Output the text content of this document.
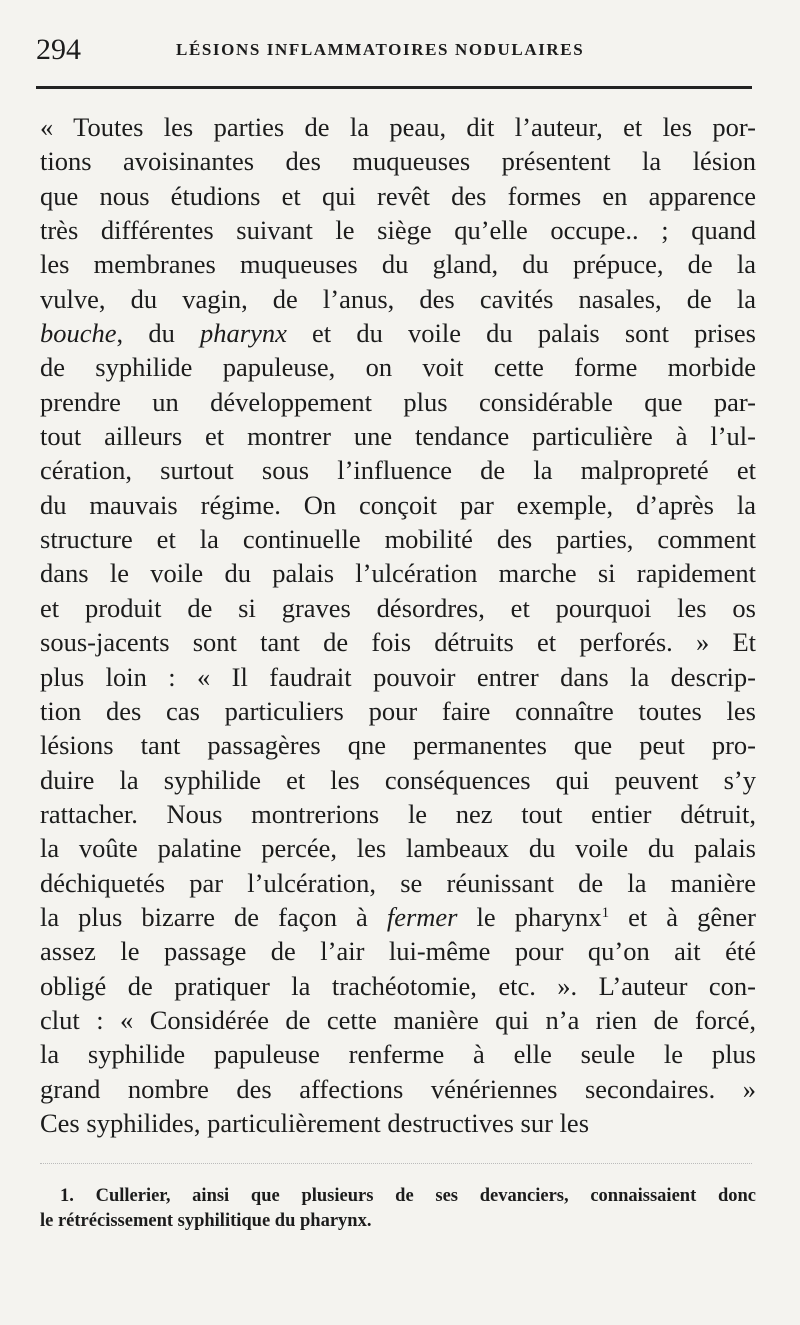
294	LÉSIONS INFLAMMATOIRES NODULAIRES
« Toutes les parties de la peau, dit l’auteur, et les por-
tions avoisinantes des muqueuses présentent la lésion
que nous étudions et qui revêt des formes en apparence
très différentes suivant le siège qu’elle occupe.. ; quand
les membranes muqueuses du gland, du prépuce, de la
vulve, du vagin, de l’anus, des cavités nasales, de la
bouche, du pharynx et du voile du palais sont prises
de syphilide papuleuse, on voit cette forme morbide
prendre un développement plus considérable que par-
tout ailleurs et montrer une tendance particulière à l’ul-
cération, surtout sous l’influence de la malpropreté et
du mauvais régime. On conçoit par exemple, d’après la
structure et la continuelle mobilité des parties, comment
dans le voile du palais l’ulcération marche si rapidement
et produit de si graves désordres, et pourquoi les os
sous-jacents sont tant de fois détruits et perforés. » Et
plus loin : « Il faudrait pouvoir entrer dans la descrip-
tion des cas particuliers pour faire connaître toutes les
lésions tant passagères qne permanentes que peut pro-
duire la syphilide et les conséquences qui peuvent s’y
rattacher. Nous montrerions le nez tout entier détruit,
la voûte palatine percée, les lambeaux du voile du palais
déchiquetés par l’ulcération, se réunissant de la manière
la plus bizarre de façon à fermer le pharynx$^1$ et à gêner
assez le passage de l’air lui-même pour qu’on ait été
obligé de pratiquer la trachéotomie, etc. ». L’auteur con-
clut : « Considérée de cette manière qui n’a rien de forcé,
la syphilide papuleuse renferme à elle seule le plus
grand nombre des affections vénériennes secondaires. »
Ces syphilides, particulièrement destructives sur les
1. Cullerier, ainsi que plusieurs de ses devanciers, connaissaient donc
le rétrécissement syphilitique du pharynx.
